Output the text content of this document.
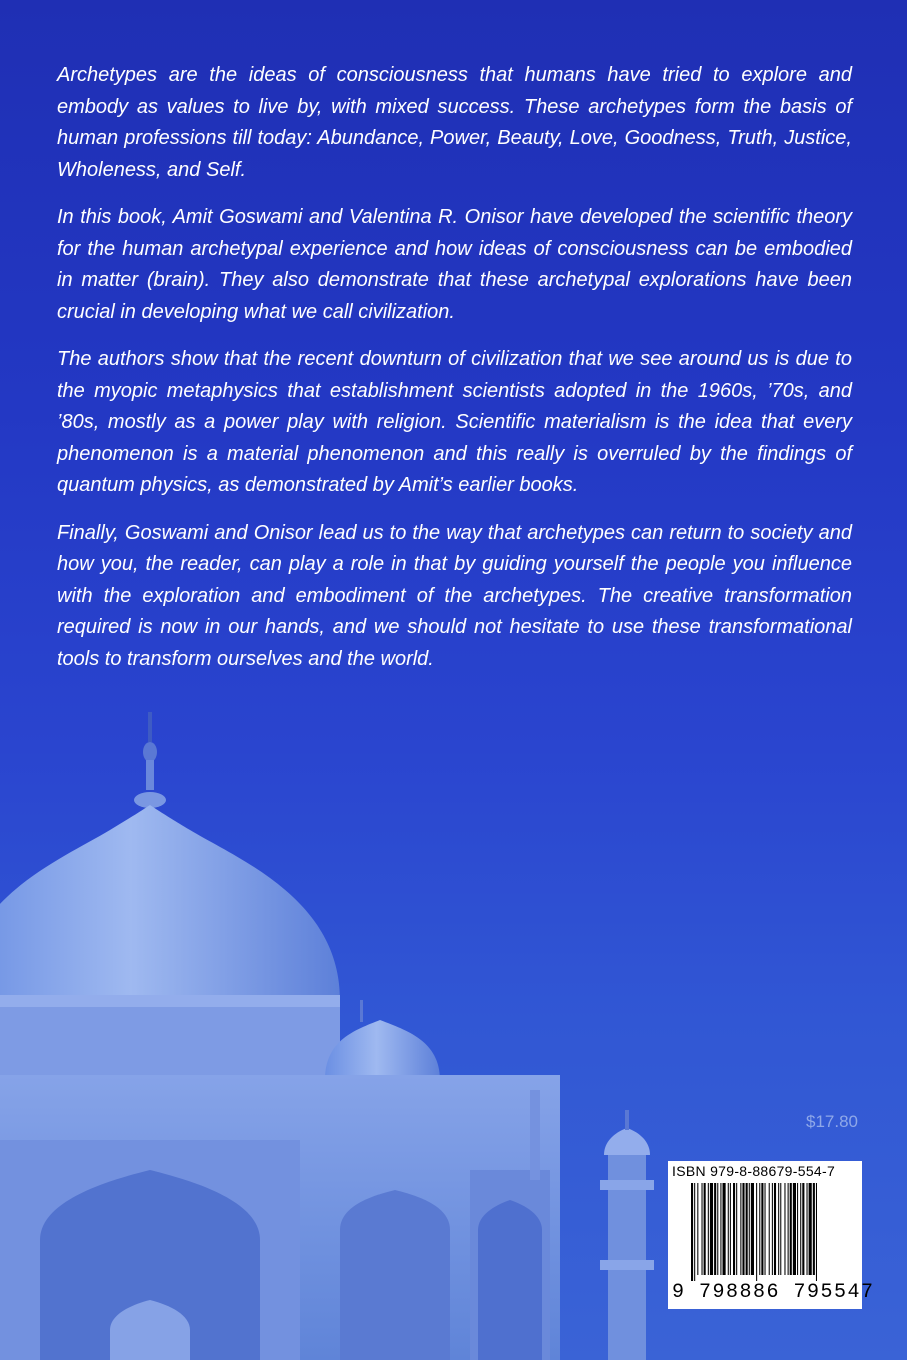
Archetypes are the ideas of consciousness that humans have tried to explore and embody as values to live by, with mixed success. These archetypes form the basis of human professions till today: Abundance, Power, Beauty, Love, Goodness, Truth, Justice, Wholeness, and Self.

In this book, Amit Goswami and Valentina R. Onisor have developed the scientific theory for the human archetypal experience and how ideas of consciousness can be embodied in matter (brain). They also demonstrate that these archetypal explorations have been crucial in developing what we call civilization.

The authors show that the recent downturn of civilization that we see around us is due to the myopic metaphysics that establishment scientists adopted in the 1960s, ’70s, and ’80s, mostly as a power play with religion. Scientific materialism is the idea that every phenomenon is a material phenomenon and this really is overruled by the findings of quantum physics, as demonstrated by Amit’s earlier books.

Finally, Goswami and Onisor lead us to the way that archetypes can return to society and how you, the reader, can play a role in that by guiding yourself the people you influence with the exploration and embodiment of the archetypes. The creative transformation required is now in our hands, and we should not hesitate to use these transformational tools to transform ourselves and the world.

$17.80
ISBN 979-8-88679-554-7
9 798886 795547
